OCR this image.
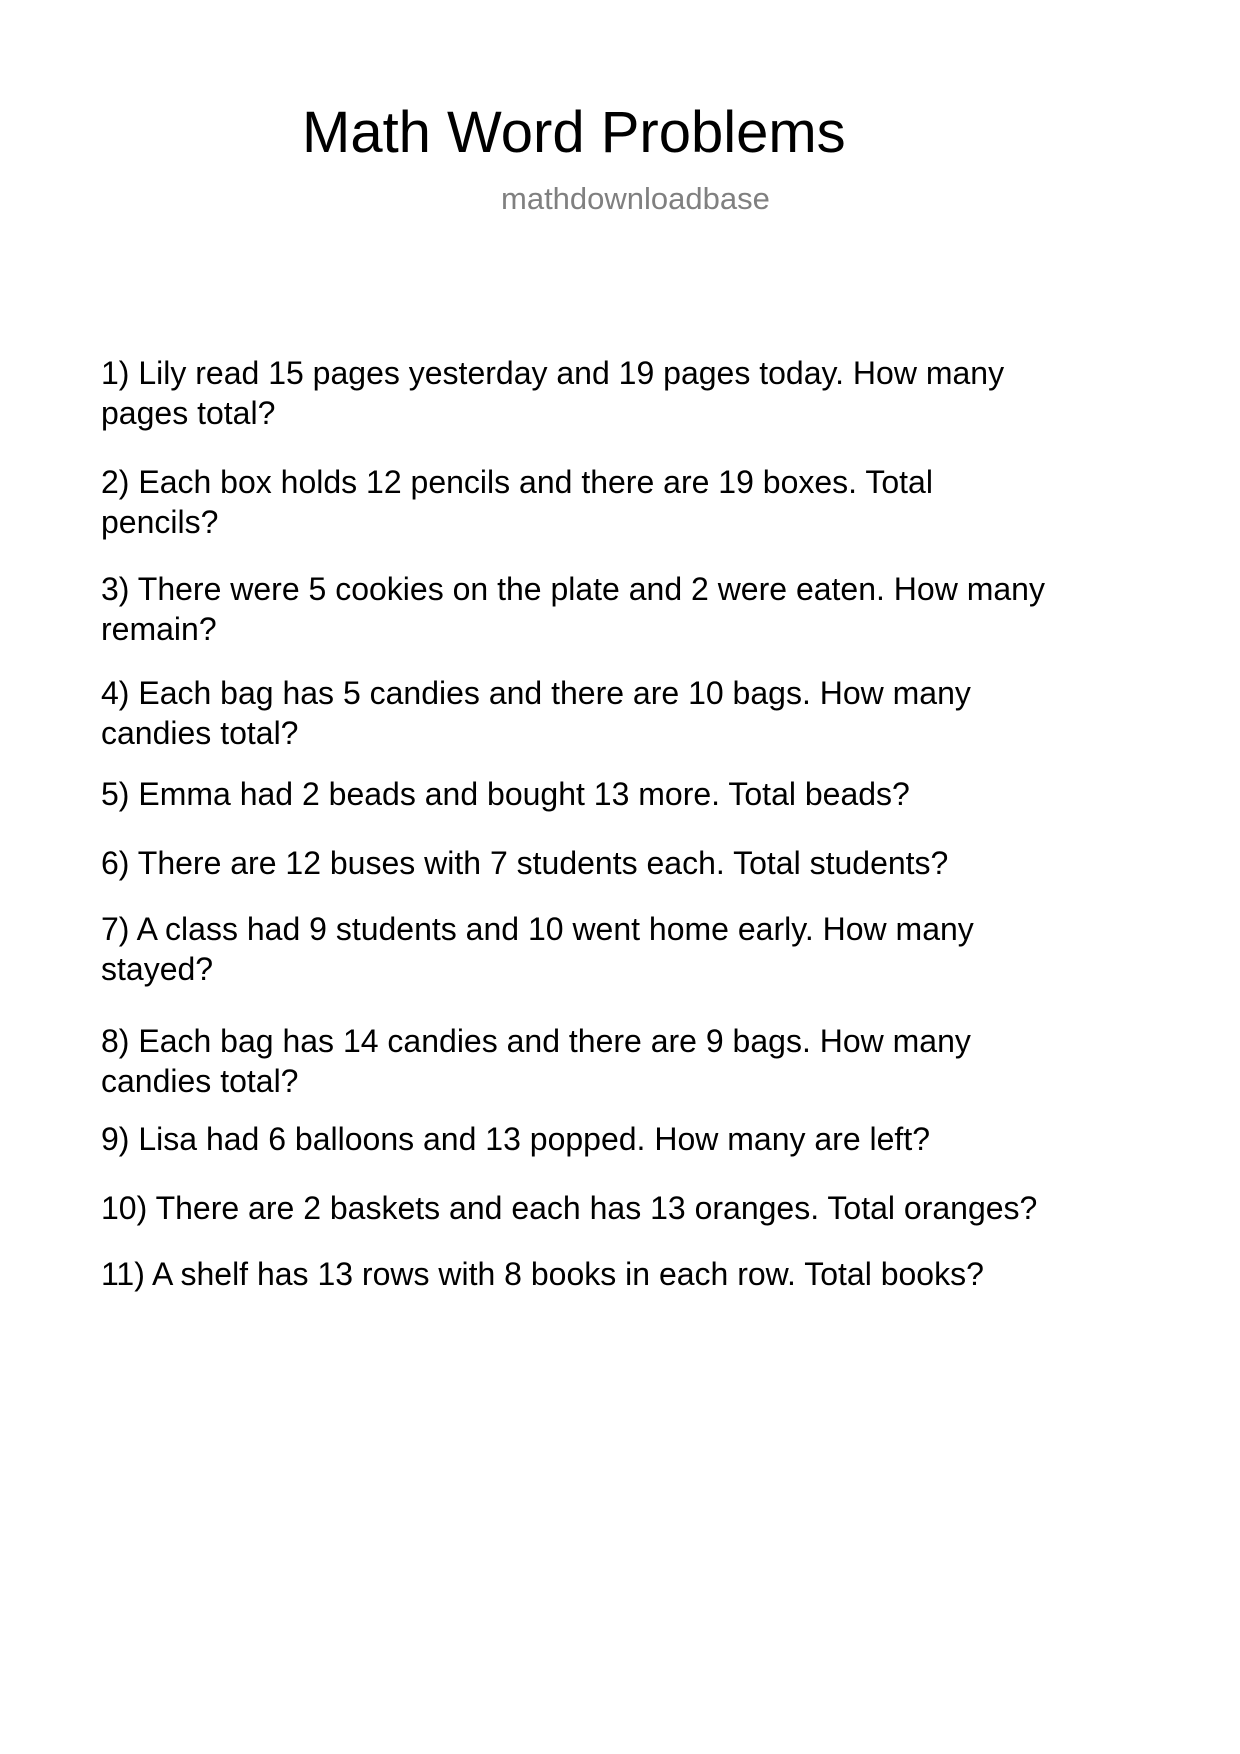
Math Word Problems
mathdownloadbase
1) Lily read 15 pages yesterday and 19 pages today. How many
pages total?
2) Each box holds 12 pencils and there are 19 boxes. Total
pencils?
3) There were 5 cookies on the plate and 2 were eaten. How many
remain?
4) Each bag has 5 candies and there are 10 bags. How many
candies total?
5) Emma had 2 beads and bought 13 more. Total beads?
6) There are 12 buses with 7 students each. Total students?
7) A class had 9 students and 10 went home early. How many
stayed?
8) Each bag has 14 candies and there are 9 bags. How many
candies total?
9) Lisa had 6 balloons and 13 popped. How many are left?
10) There are 2 baskets and each has 13 oranges. Total oranges?
11) A shelf has 13 rows with 8 books in each row. Total books?
